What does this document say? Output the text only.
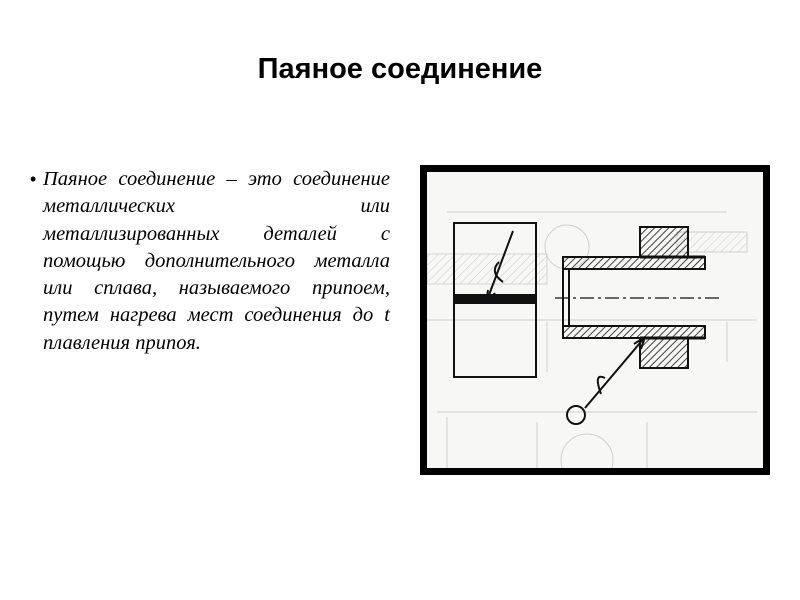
Паяное соединение
• Паяное соединение – это соединение металлических или металлизированных деталей с помощью дополнительного металла или сплава, называемого припоем, путем нагрева мест соединения до t плавления припоя.
